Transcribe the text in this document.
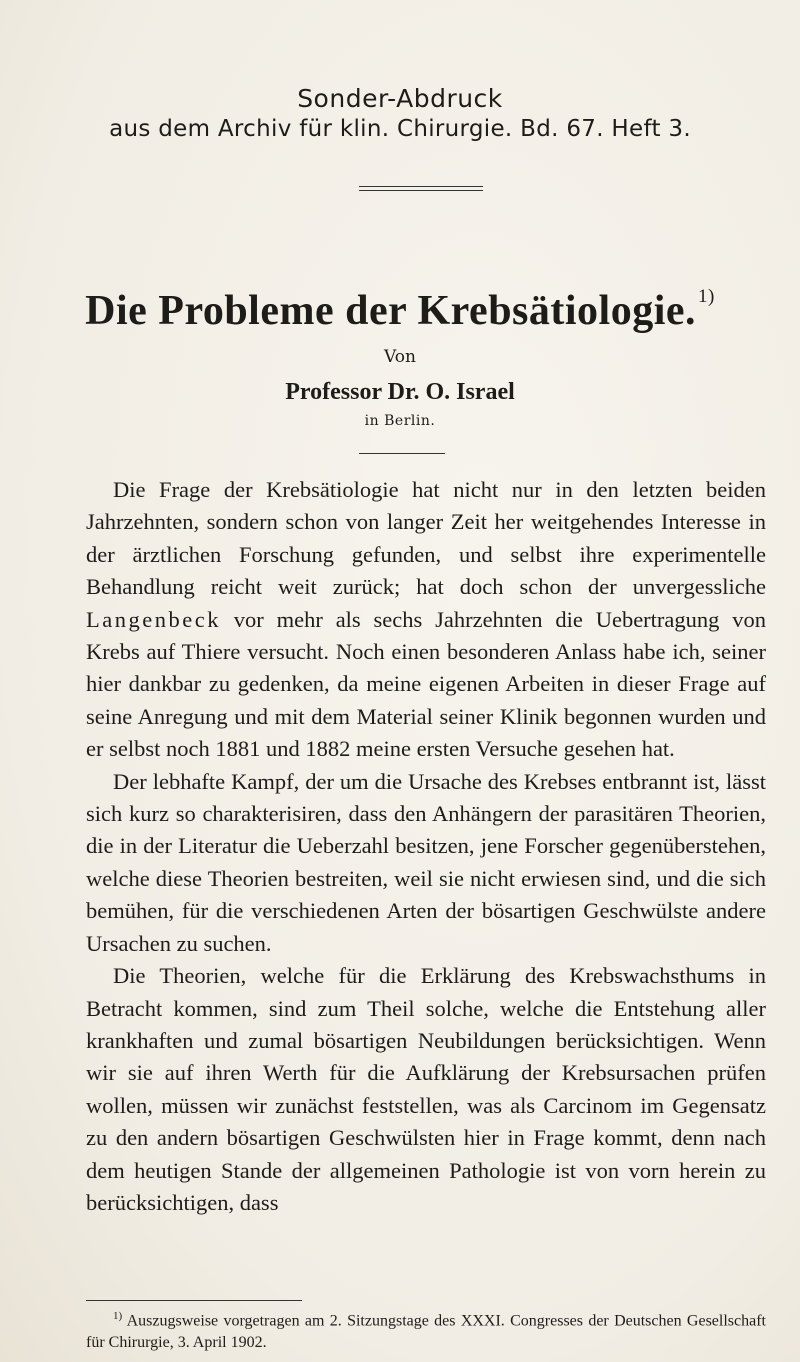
Sonder-Abdruck
aus dem Archiv für klin. Chirurgie. Bd. 67. Heft 3.
Die Probleme der Krebsätiologie. $^{1)}$
Von
Professor Dr. O. Israel
in Berlin.

Die Frage der Krebsätiologie hat nicht nur in den letzten beiden Jahrzehnten, sondern schon von langer Zeit her weitgehendes Interesse in der ärztlichen Forschung gefunden, und selbst ihre experimentelle Behandlung reicht weit zurück; hat doch schon der unvergessliche Langenbeck vor mehr als sechs Jahrzehnten die Uebertragung von Krebs auf Thiere versucht. Noch einen besonderen Anlass habe ich, seiner hier dankbar zu gedenken, da meine eigenen Arbeiten in dieser Frage auf seine Anregung und mit dem Material seiner Klinik begonnen wurden und er selbst noch 1881 und 1882 meine ersten Versuche gesehen hat.

Der lebhafte Kampf, der um die Ursache des Krebses entbrannt ist, lässt sich kurz so charakterisiren, dass den Anhängern der parasitären Theorien, die in der Literatur die Ueberzahl besitzen, jene Forscher gegenüberstehen, welche diese Theorien bestreiten, weil sie nicht erwiesen sind, und die sich bemühen, für die verschiedenen Arten der bösartigen Geschwülste andere Ursachen zu suchen.

Die Theorien, welche für die Erklärung des Krebswachsthums in Betracht kommen, sind zum Theil solche, welche die Entstehung aller krankhaften und zumal bösartigen Neubildungen berücksichtigen. Wenn wir sie auf ihren Werth für die Aufklärung der Krebsursachen prüfen wollen, müssen wir zunächst feststellen, was als Carcinom im Gegensatz zu den andern bösartigen Geschwülsten hier in Frage kommt, denn nach dem heutigen Stande der allgemeinen Pathologie ist von vorn herein zu berücksichtigen, dass

$^{1)}$ Auszugsweise vorgetragen am 2. Sitzungstage des XXXI. Congresses der Deutschen Gesellschaft für Chirurgie, 3. April 1902.
